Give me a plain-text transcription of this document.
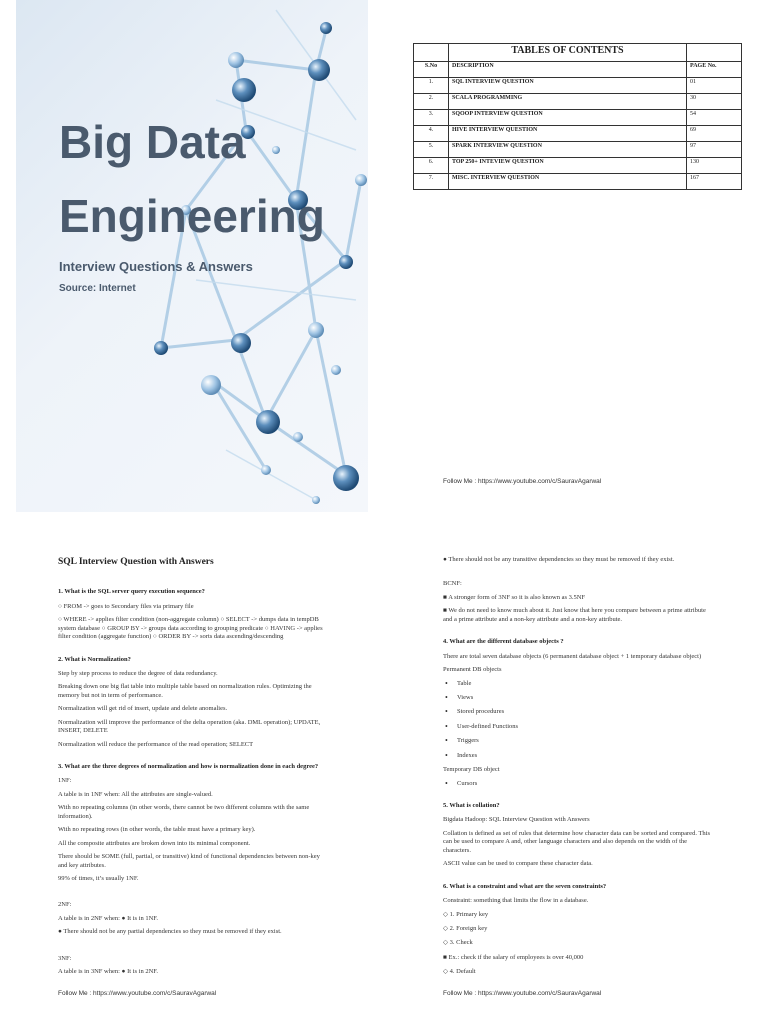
Big Data
Engineering
Interview Questions & Answers
Source: Internet
	TABLES OF CONTENTS	
S.No	DESCRIPTION	PAGE No.
1.	SQL INTERVIEW QUESTION	01
2.	SCALA PROGRAMMING	30
3.	SQOOP INTERVIEW QUESTION	54
4.	HIVE INTERVIEW QUESTION	69
5.	SPARK INTERVIEW QUESTION	97
6.	TOP 250+ INTEVIEW QUESTION	130
7.	MISC. INTERVIEW QUESTION	167
Follow Me : https://www.youtube.com/c/SauravAgarwal
SQL Interview Question with Answers
1. What is the SQL server query execution sequence?

○ FROM -> goes to Secondary files via primary file

○ WHERE -> applies filter condition (non-aggregate column) ○ SELECT -> dumps data in tempDB system database ○ GROUP BY -> groups data according to grouping predicate ○ HAVING -> applies filter condition (aggregate function) ○ ORDER BY -> sorts data ascending/descending

2. What is Normalization?

Step by step process to reduce the degree of data redundancy.

Breaking down one big flat table into multiple table based on normalization rules. Optimizing the memory but not in term of performance.

Normalization will get rid of insert, update and delete anomalies.

Normalization will improve the performance of the delta operation (aka. DML operation); UPDATE, INSERT, DELETE

Normalization will reduce the performance of the read operation; SELECT

3. What are the three degrees of normalization and how is normalization done in each degree?

1NF:

A table is in 1NF when: All the attributes are single-valued.

With no repeating columns (in other words, there cannot be two different columns with the same information).

With no repeating rows (in other words, the table must have a primary key).

All the composite attributes are broken down into its minimal component.

There should be SOME (full, partial, or transitive) kind of functional dependencies between non-key and key attributes.

99% of times, it’s usually 1NF.

2NF:

A table is in 2NF when: ● It is in 1NF.

● There should not be any partial dependencies so they must be removed if they exist.

3NF:

A table is in 3NF when: ● It is in 2NF.

Follow Me : https://www.youtube.com/c/SauravAgarwal

● There should not be any transitive dependencies so they must be removed if they exist.

BCNF:

■ A stronger form of 3NF so it is also known as 3.5NF

■ We do not need to know much about it. Just know that here you compare between a prime attribute and a prime attribute and a non-key attribute and a non-key attribute.

4. What are the different database objects ?

There are total seven database objects (6 permanent database object + 1 temporary database object)

Permanent DB objects

• Table
• Views
• Stored procedures
• User-defined Functions
• Triggers
• Indexes

Temporary DB object

• Cursors
5. What is collation?

Bigdata Hadoop: SQL Interview Question with Answers

Collation is defined as set of rules that determine how character data can be sorted and compared. This can be used to compare A and, other language characters and also depends on the width of the characters.

ASCII value can be used to compare these character data.

6. What is a constraint and what are the seven constraints?

Constraint: something that limits the flow in a database.

◇ 1. Primary key
◇ 2. Foreign key
◇ 3. Check
■ Ex.: check if the salary of employees is over 40,000
◇ 4. Default
Follow Me : https://www.youtube.com/c/SauravAgarwal
